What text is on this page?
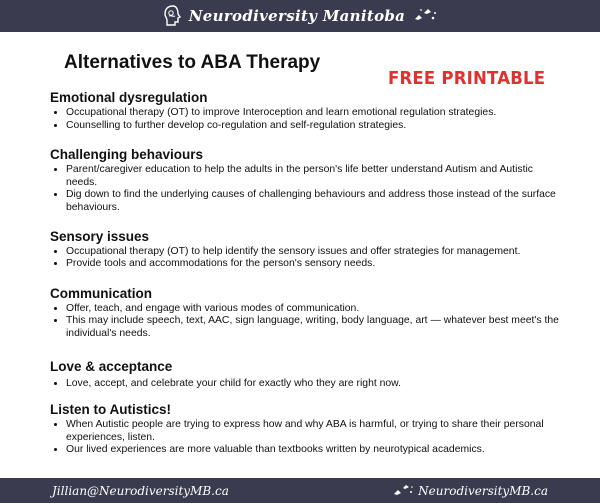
Neurodiversity Manitoba
Alternatives to ABA Therapy
FREE PRINTABLE
Emotional dysregulation
• Occupational therapy (OT) to improve Interoception and learn emotional regulation strategies.
• Counselling to further develop co-regulation and self-regulation strategies.
Challenging behaviours
• Parent/caregiver education to help the adults in the person's life better understand Autism and Autistic needs.
• Dig down to find the underlying causes of challenging behaviours and address those instead of the surface behaviours.
Sensory issues
• Occupational therapy (OT) to help identify the sensory issues and offer strategies for management.
• Provide tools and accommodations for the person's sensory needs.
Communication
• Offer, teach, and engage with various modes of communication.
• This may include speech, text, AAC, sign language, writing, body language, art — whatever best meet's the individual's needs.
Love & acceptance
• Love, accept, and celebrate your child for exactly who they are right now.
Listen to Autistics!
• When Autistic people are trying to express how and why ABA is harmful, or trying to share their personal experiences, listen.
• Our lived experiences are more valuable than textbooks written by neurotypical academics.
Jillian@NeurodiversityMB.ca	NeurodiversityMB.ca
